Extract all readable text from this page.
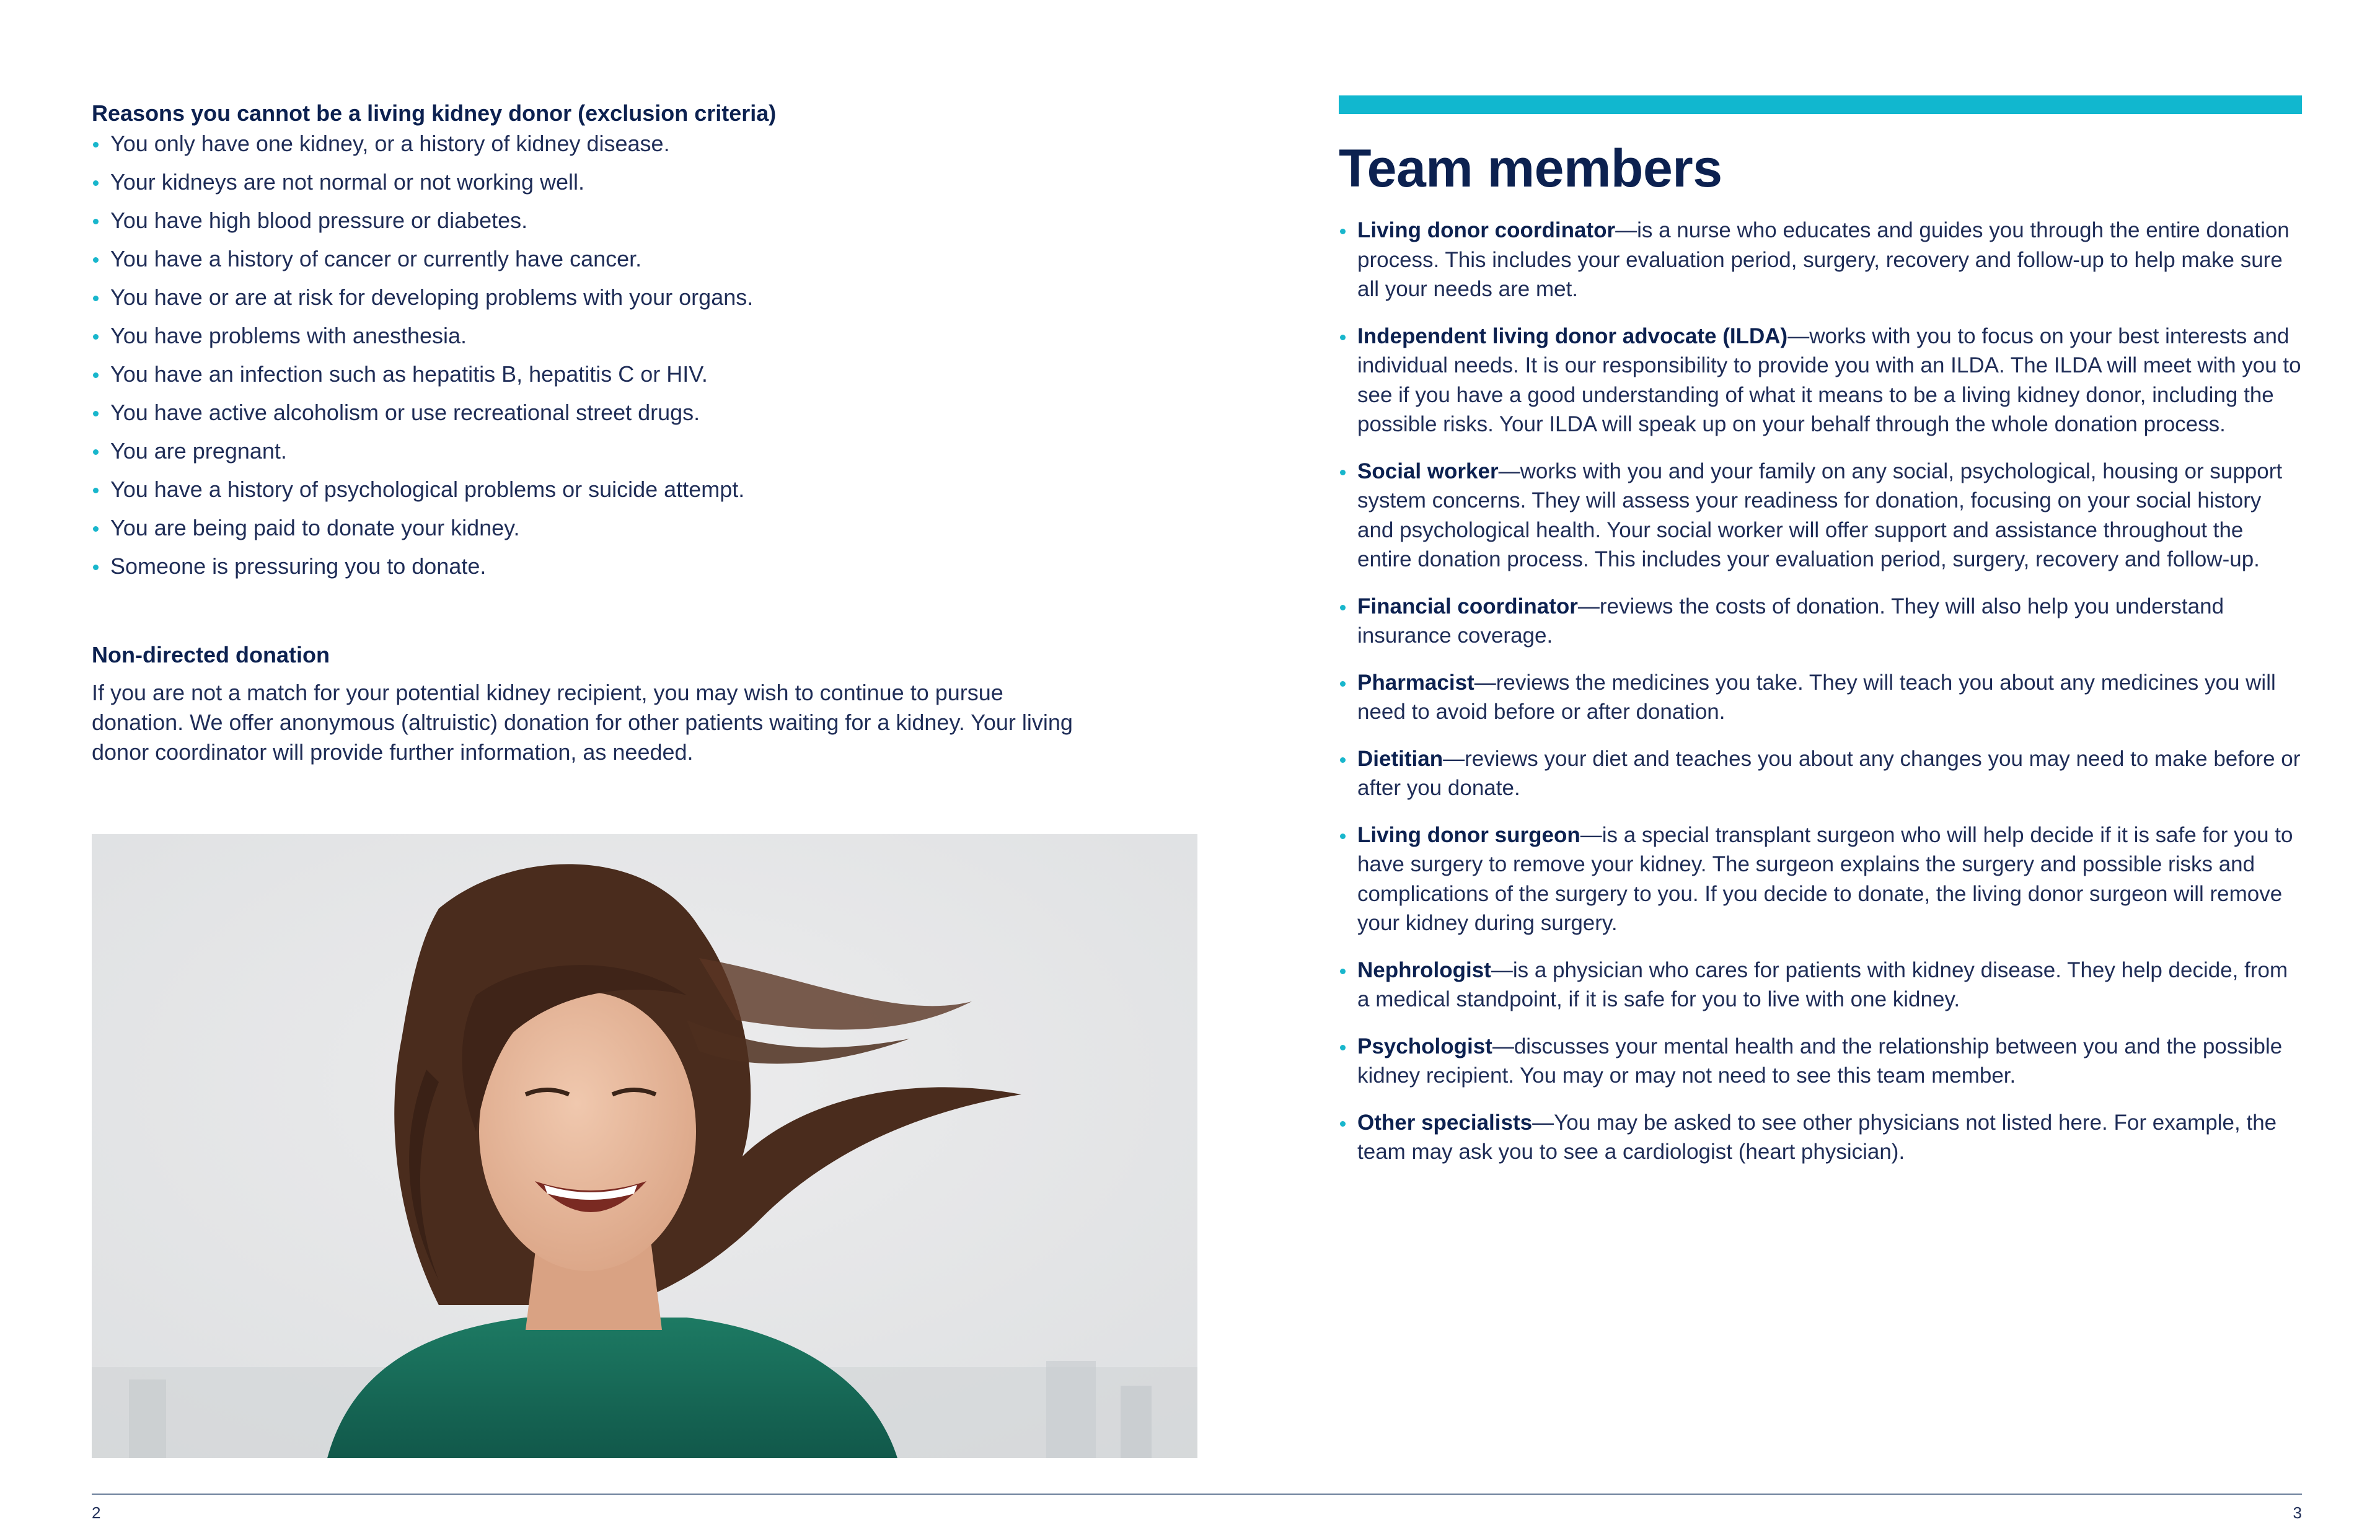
Reasons you cannot be a living kidney donor (exclusion criteria)
You only have one kidney, or a history of kidney disease.
Your kidneys are not normal or not working well.
You have high blood pressure or diabetes.
You have a history of cancer or currently have cancer.
You have or are at risk for developing problems with your organs.
You have problems with anesthesia.
You have an infection such as hepatitis B, hepatitis C or HIV.
You have active alcoholism or use recreational street drugs.
You are pregnant.
You have a history of psychological problems or suicide attempt.
You are being paid to donate your kidney.
Someone is pressuring you to donate.
Non-directed donation

If you are not a match for your potential kidney recipient, you may wish to continue to pursue donation. We offer anonymous (altruistic) donation for other patients waiting for a kidney. Your living donor coordinator will provide further information, as needed.

Team members
Living donor coordinator—is a nurse who educates and guides you through the entire donation process. This includes your evaluation period, surgery, recovery and follow-up to help make sure all your needs are met.
Independent living donor advocate (ILDA)—works with you to focus on your best interests and individual needs. It is our responsibility to provide you with an ILDA. The ILDA will meet with you to see if you have a good understanding of what it means to be a living kidney donor, including the possible risks. Your ILDA will speak up on your behalf through the whole donation process.
Social worker—works with you and your family on any social, psychological, housing or support system concerns. They will assess your readiness for donation, focusing on your social history and psychological health. Your social worker will offer support and assistance throughout the entire donation process. This includes your evaluation period, surgery, recovery and follow-up.
Financial coordinator—reviews the costs of donation. They will also help you understand insurance coverage.
Pharmacist—reviews the medicines you take. They will teach you about any medicines you will need to avoid before or after donation.
Dietitian—reviews your diet and teaches you about any changes you may need to make before or after you donate.
Living donor surgeon—is a special transplant surgeon who will help decide if it is safe for you to have surgery to remove your kidney. The surgeon explains the surgery and possible risks and complications of the surgery to you. If you decide to donate, the living donor surgeon will remove your kidney during surgery.
Nephrologist—is a physician who cares for patients with kidney disease. They help decide, from a medical standpoint, if it is safe for you to live with one kidney.
Psychologist—discusses your mental health and the relationship between you and the possible kidney recipient. You may or may not need to see this team member.
Other specialists—You may be asked to see other physicians not listed here. For example, the team may ask you to see a cardiologist (heart physician).
2	3
